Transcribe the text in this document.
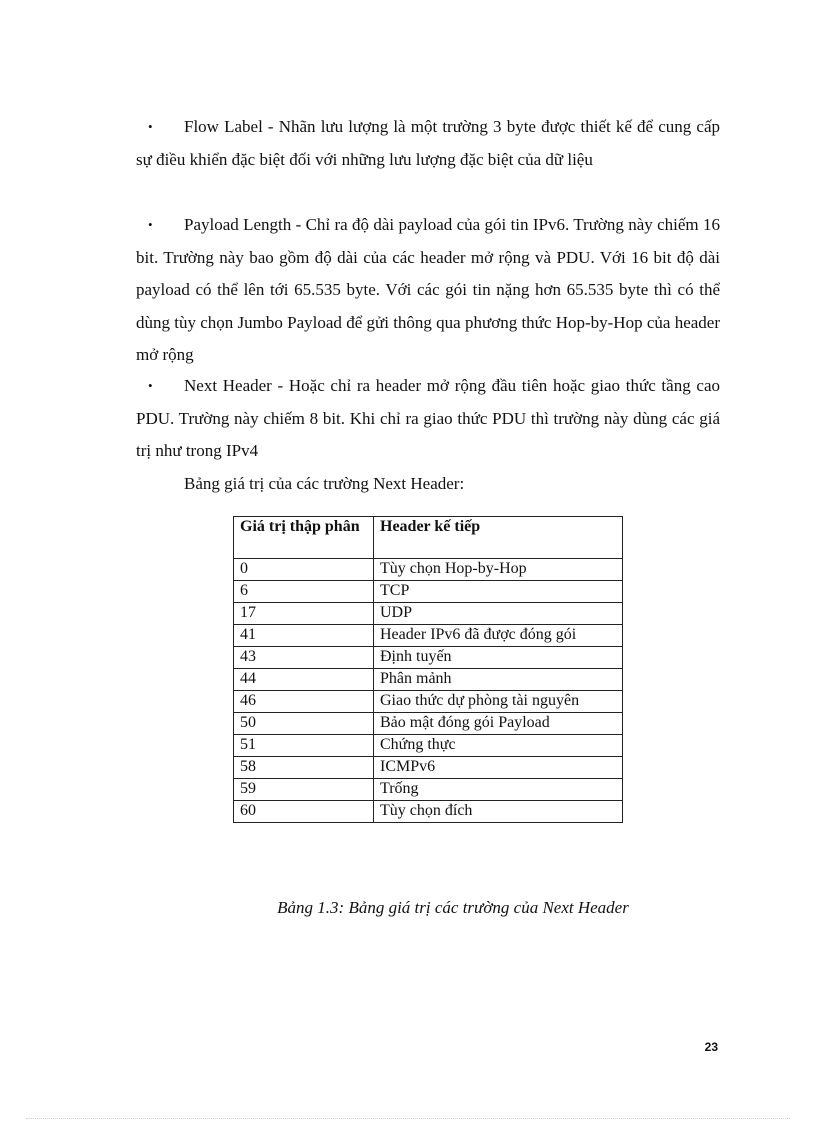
• Flow Label - Nhãn lưu lượng là một trường 3 byte được thiết kế để cung cấp sự điều khiển đặc biệt đối với những lưu lượng đặc biệt của dữ liệu

• Payload Length - Chỉ ra độ dài payload của gói tin IPv6. Trường này chiếm 16 bit. Trường này bao gồm độ dài của các header mở rộng và PDU. Với 16 bit độ dài payload có thể lên tới 65.535 byte. Với các gói tin nặng hơn 65.535 byte thì có thể dùng tùy chọn Jumbo Payload để gửi thông qua phương thức Hop-by-Hop của header mở rộng

• Next Header - Hoặc chỉ ra header mở rộng đầu tiên hoặc giao thức tầng cao PDU. Trường này chiếm 8 bit. Khi chỉ ra giao thức PDU thì trường này dùng các giá trị như trong IPv4

Bảng giá trị của các trường Next Header:

Giá trị thập phân	Header kế tiếp
0	Tùy chọn Hop-by-Hop
6	TCP
17	UDP
41	Header IPv6 đã được đóng gói
43	Định tuyến
44	Phân mảnh
46	Giao thức dự phòng tài nguyên
50	Bảo mật đóng gói Payload
51	Chứng thực
58	ICMPv6
59	Trống
60	Tùy chọn đích

Bảng 1.3: Bảng giá trị các trường của Next Header

23
